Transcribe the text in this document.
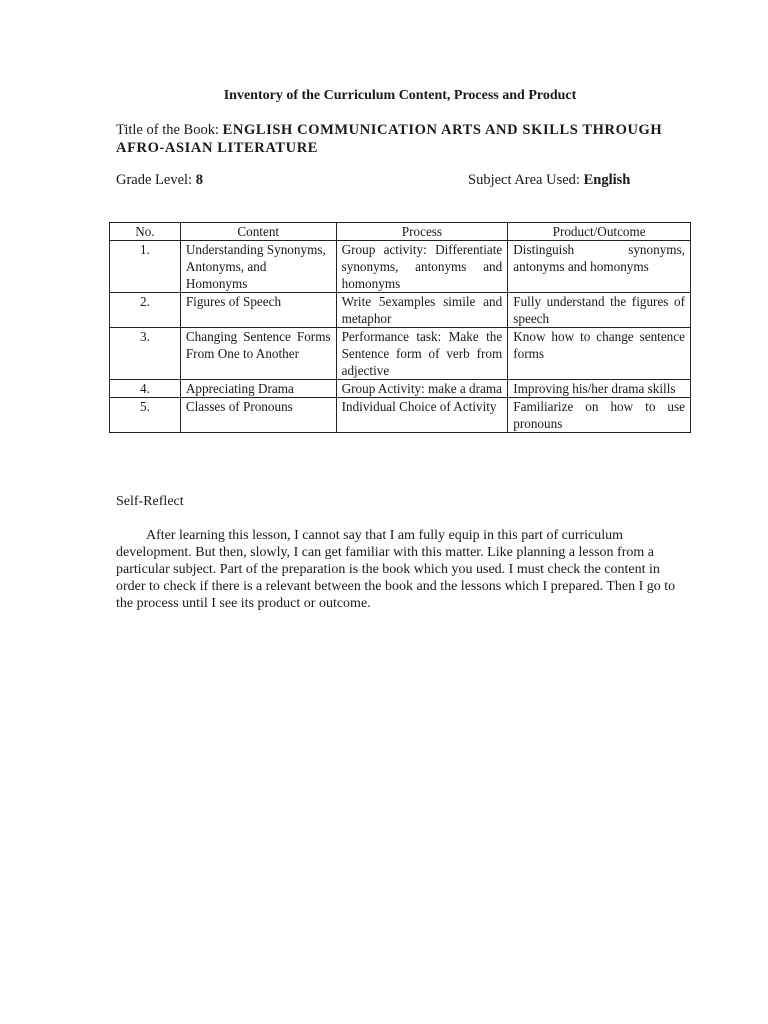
Inventory of the Curriculum Content, Process and Product
Title of the Book: ENGLISH COMMUNICATION ARTS AND SKILLS THROUGH AFRO-ASIAN LITERATURE
Grade Level: 8	Subject Area Used: English
No.	Content	Process	Product/Outcome
1.	Understanding Synonyms, Antonyms, and Homonyms	Group activity: Differentiate synonyms, antonyms and homonyms	Distinguish synonyms, antonyms and homonyms
2.	Figures of Speech	Write 5examples simile and metaphor	Fully understand the figures of speech
3.	Changing Sentence Forms From One to Another	Performance task: Make the Sentence form of verb from adjective	Know how to change sentence forms
4.	Appreciating Drama	Group Activity: make a drama	Improving his/her drama skills
5.	Classes of Pronouns	Individual Choice of Activity	Familiarize on how to use pronouns
Self-Reflect
After learning this lesson, I cannot say that I am fully equip in this part of curriculum development. But then, slowly, I can get familiar with this matter. Like planning a lesson from a particular subject. Part of the preparation is the book which you used. I must check the content in order to check if there is a relevant between the book and the lessons which I prepared. Then I go to the process until I see its product or outcome.
